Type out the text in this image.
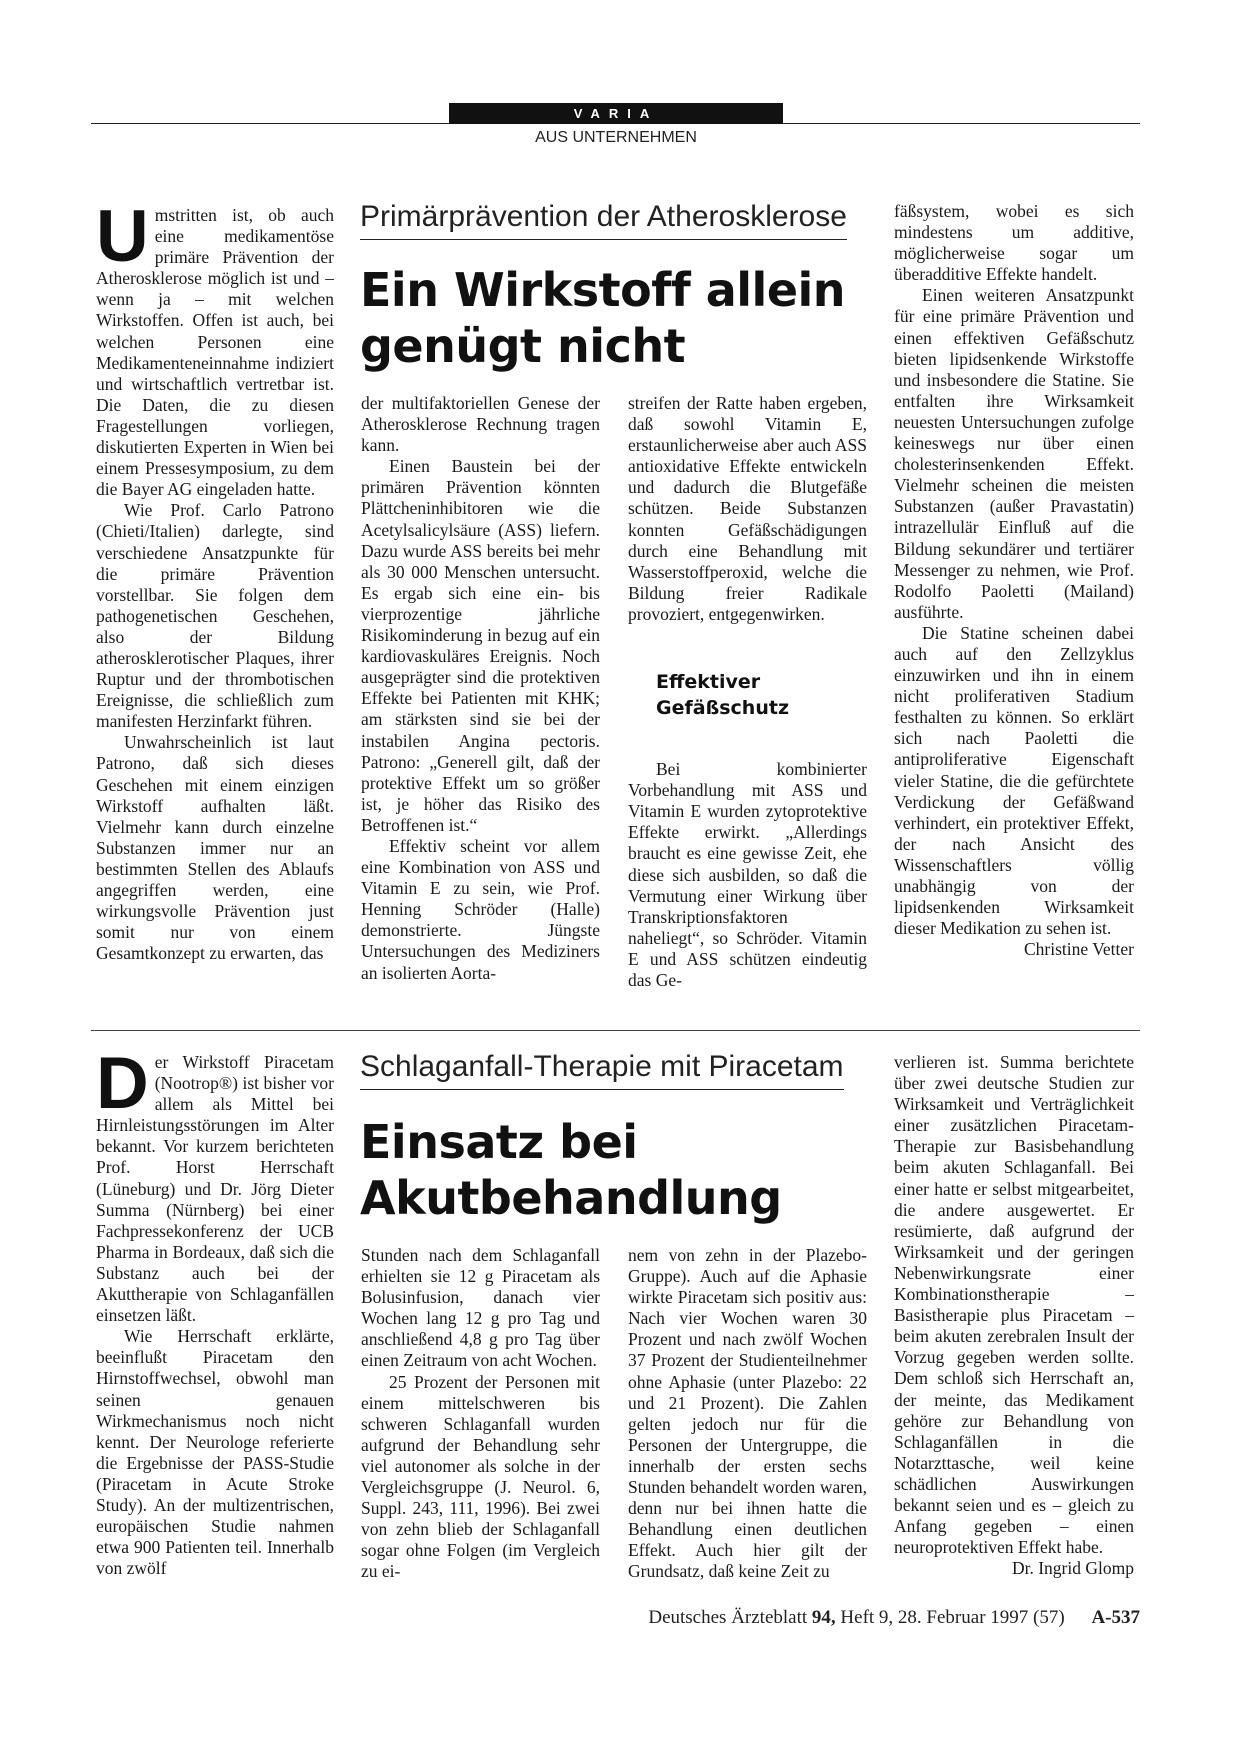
VARIA
AUS UNTERNEHMEN

Umstritten ist, ob auch eine medikamentöse primäre Prävention der Atherosklerose möglich ist und – wenn ja – mit welchen Wirkstoffen. Offen ist auch, bei welchen Personen eine Medikamenteneinnahme indiziert und wirtschaftlich vertretbar ist. Die Daten, die zu diesen Fragestellungen vorliegen, diskutierten Experten in Wien bei einem Pressesymposium, zu dem die Bayer AG eingeladen hatte.

Wie Prof. Carlo Patrono (Chieti/Italien) darlegte, sind verschiedene Ansatzpunkte für die primäre Prävention vorstellbar. Sie folgen dem pathogenetischen Geschehen, also der Bildung atherosklerotischer Plaques, ihrer Ruptur und der thrombotischen Ereignisse, die schließlich zum manifesten Herzinfarkt führen.

Unwahrscheinlich ist laut Patrono, daß sich dieses Geschehen mit einem einzigen Wirkstoff aufhalten läßt. Vielmehr kann durch einzelne Substanzen immer nur an bestimmten Stellen des Ablaufs angegriffen werden, eine wirkungsvolle Prävention just somit nur von einem Gesamtkonzept zu erwarten, das

Primärprävention der Atherosklerose
Ein Wirkstoff allein
genügt nicht

der multifaktoriellen Genese der Atherosklerose Rechnung tragen kann.

Einen Baustein bei der primären Prävention könnten Plättcheninhibitoren wie die Acetylsalicylsäure (ASS) liefern. Dazu wurde ASS bereits bei mehr als 30 000 Menschen untersucht. Es ergab sich eine ein- bis vierprozentige jährliche Risikominderung in bezug auf ein kardiovaskuläres Ereignis. Noch ausgeprägter sind die protektiven Effekte bei Patienten mit KHK; am stärksten sind sie bei der instabilen Angina pectoris. Patrono: „Generell gilt, daß der protektive Effekt um so größer ist, je höher das Risiko des Betroffenen ist.“

Effektiv scheint vor allem eine Kombination von ASS und Vitamin E zu sein, wie Prof. Henning Schröder (Halle) demonstrierte. Jüngste Untersuchungen des Mediziners an isolierten Aorta-

streifen der Ratte haben ergeben, daß sowohl Vitamin E, erstaunlicherweise aber auch ASS antioxidative Effekte entwickeln und dadurch die Blutgefäße schützen. Beide Substanzen konnten Gefäßschädigungen durch eine Behandlung mit Wasserstoffperoxid, welche die Bildung freier Radikale provoziert, entgegenwirken.

Effektiver
Gefäßschutz

Bei kombinierter Vorbehandlung mit ASS und Vitamin E wurden zytoprotektive Effekte erwirkt. „Allerdings braucht es eine gewisse Zeit, ehe diese sich ausbilden, so daß die Vermutung einer Wirkung über Transkriptionsfaktoren naheliegt“, so Schröder. Vitamin E und ASS schützen eindeutig das Ge-

fäßsystem, wobei es sich mindestens um additive, möglicherweise sogar um überadditive Effekte handelt.

Einen weiteren Ansatzpunkt für eine primäre Prävention und einen effektiven Gefäßschutz bieten lipidsenkende Wirkstoffe und insbesondere die Statine. Sie entfalten ihre Wirksamkeit neuesten Untersuchungen zufolge keineswegs nur über einen cholesterinsenkenden Effekt. Vielmehr scheinen die meisten Substanzen (außer Pravastatin) intrazellulär Einfluß auf die Bildung sekundärer und tertiärer Messenger zu nehmen, wie Prof. Rodolfo Paoletti (Mailand) ausführte.

Die Statine scheinen dabei auch auf den Zellzyklus einzuwirken und ihn in einem nicht proliferativen Stadium festhalten zu können. So erklärt sich nach Paoletti die antiproliferative Eigenschaft vieler Statine, die die gefürchtete Verdickung der Gefäßwand verhindert, ein protektiver Effekt, der nach Ansicht des Wissenschaftlers völlig unabhängig von der lipidsenkenden Wirksamkeit dieser Medikation zu sehen ist.
Christine Vetter

Der Wirkstoff Piracetam (Nootrop®) ist bisher vor allem als Mittel bei Hirnleistungsstörungen im Alter bekannt. Vor kurzem berichteten Prof. Horst Herrschaft (Lüneburg) und Dr. Jörg Dieter Summa (Nürnberg) bei einer Fachpressekonferenz der UCB Pharma in Bordeaux, daß sich die Substanz auch bei der Akuttherapie von Schlaganfällen einsetzen läßt.

Wie Herrschaft erklärte, beeinflußt Piracetam den Hirnstoffwechsel, obwohl man seinen genauen Wirkmechanismus noch nicht kennt. Der Neurologe referierte die Ergebnisse der PASS-Studie (Piracetam in Acute Stroke Study). An der multizentrischen, europäischen Studie nahmen etwa 900 Patienten teil. Innerhalb von zwölf

Schlaganfall-Therapie mit Piracetam
Einsatz bei
Akutbehandlung

Stunden nach dem Schlaganfall erhielten sie 12 g Piracetam als Bolusinfusion, danach vier Wochen lang 12 g pro Tag und anschließend 4,8 g pro Tag über einen Zeitraum von acht Wochen.

25 Prozent der Personen mit einem mittelschweren bis schweren Schlaganfall wurden aufgrund der Behandlung sehr viel autonomer als solche in der Vergleichsgruppe (J. Neurol. 6, Suppl. 243, 111, 1996). Bei zwei von zehn blieb der Schlaganfall sogar ohne Folgen (im Vergleich zu ei-

nem von zehn in der Plazebo-Gruppe). Auch auf die Aphasie wirkte Piracetam sich positiv aus: Nach vier Wochen waren 30 Prozent und nach zwölf Wochen 37 Prozent der Studienteilnehmer ohne Aphasie (unter Plazebo: 22 und 21 Prozent). Die Zahlen gelten jedoch nur für die Personen der Untergruppe, die innerhalb der ersten sechs Stunden behandelt worden waren, denn nur bei ihnen hatte die Behandlung einen deutlichen Effekt. Auch hier gilt der Grundsatz, daß keine Zeit zu

verlieren ist. Summa berichtete über zwei deutsche Studien zur Wirksamkeit und Verträglichkeit einer zusätzlichen Piracetam-Therapie zur Basisbehandlung beim akuten Schlaganfall. Bei einer hatte er selbst mitgearbeitet, die andere ausgewertet. Er resümierte, daß aufgrund der Wirksamkeit und der geringen Nebenwirkungsrate einer Kombinationstherapie – Basistherapie plus Piracetam – beim akuten zerebralen Insult der Vorzug gegeben werden sollte. Dem schloß sich Herrschaft an, der meinte, das Medikament gehöre zur Behandlung von Schlaganfällen in die Notarzttasche, weil keine schädlichen Auswirkungen bekannt seien und es – gleich zu Anfang gegeben – einen neuroprotektiven Effekt habe.
Dr. Ingrid Glomp

Deutsches Ärzteblatt 94, Heft 9, 28. Februar 1997 (57) A-537
